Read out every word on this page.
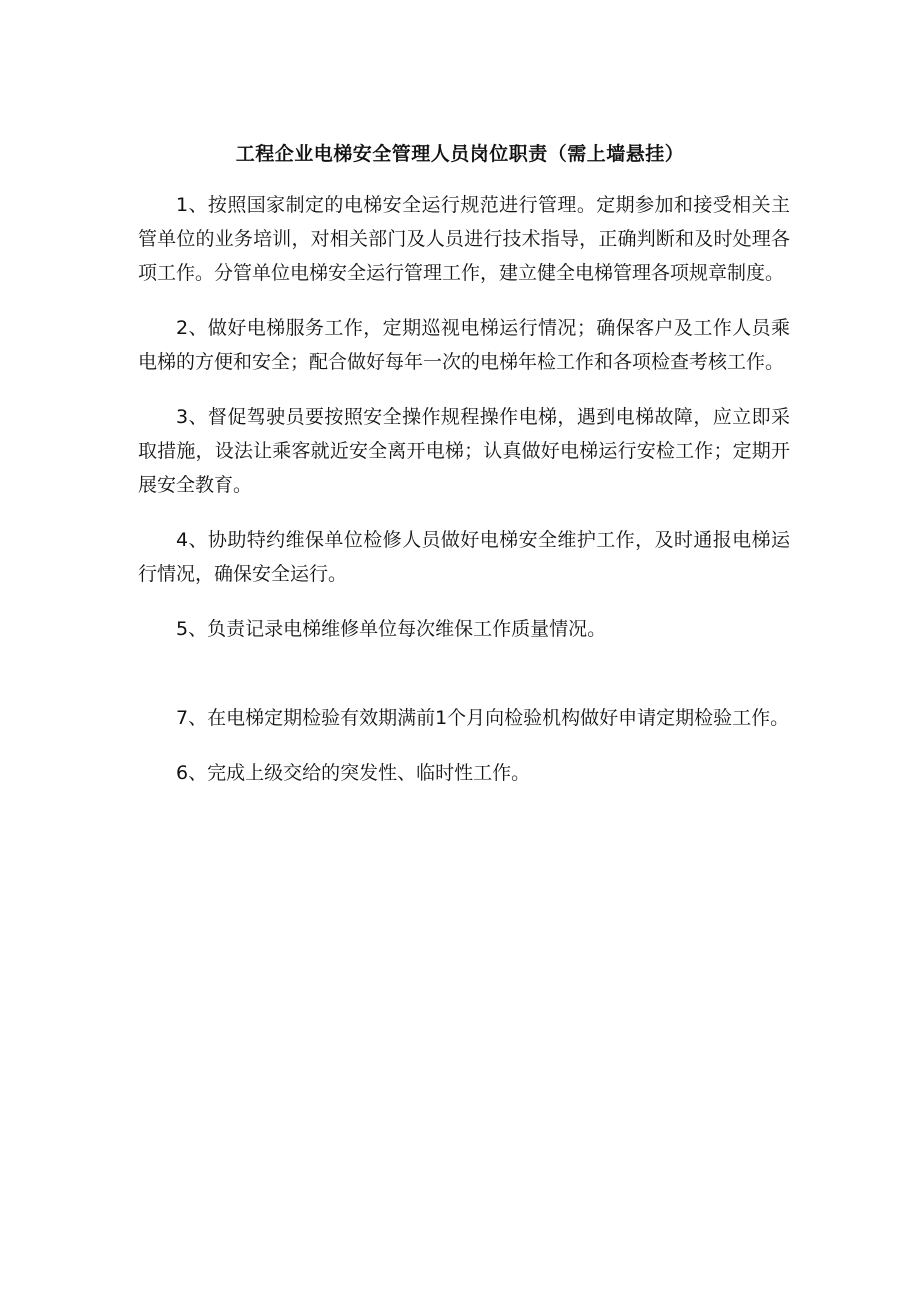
工程企业电梯安全管理人员岗位职责（需上墙悬挂）

1、按照国家制定的电梯安全运行规范进行管理。定期参加和接受相关主管单位的业务培训，对相关部门及人员进行技术指导，正确判断和及时处理各项工作。分管单位电梯安全运行管理工作，建立健全电梯管理各项规章制度。

2、做好电梯服务工作，定期巡视电梯运行情况；确保客户及工作人员乘电梯的方便和安全；配合做好每年一次的电梯年检工作和各项检查考核工作。

3、督促驾驶员要按照安全操作规程操作电梯，遇到电梯故障，应立即采取措施，设法让乘客就近安全离开电梯；认真做好电梯运行安检工作；定期开展安全教育。

4、协助特约维保单位检修人员做好电梯安全维护工作，及时通报电梯运行情况，确保安全运行。

5、负责记录电梯维修单位每次维保工作质量情况。

7、在电梯定期检验有效期满前1个月向检验机构做好申请定期检验工作。

6、完成上级交给的突发性、临时性工作。
